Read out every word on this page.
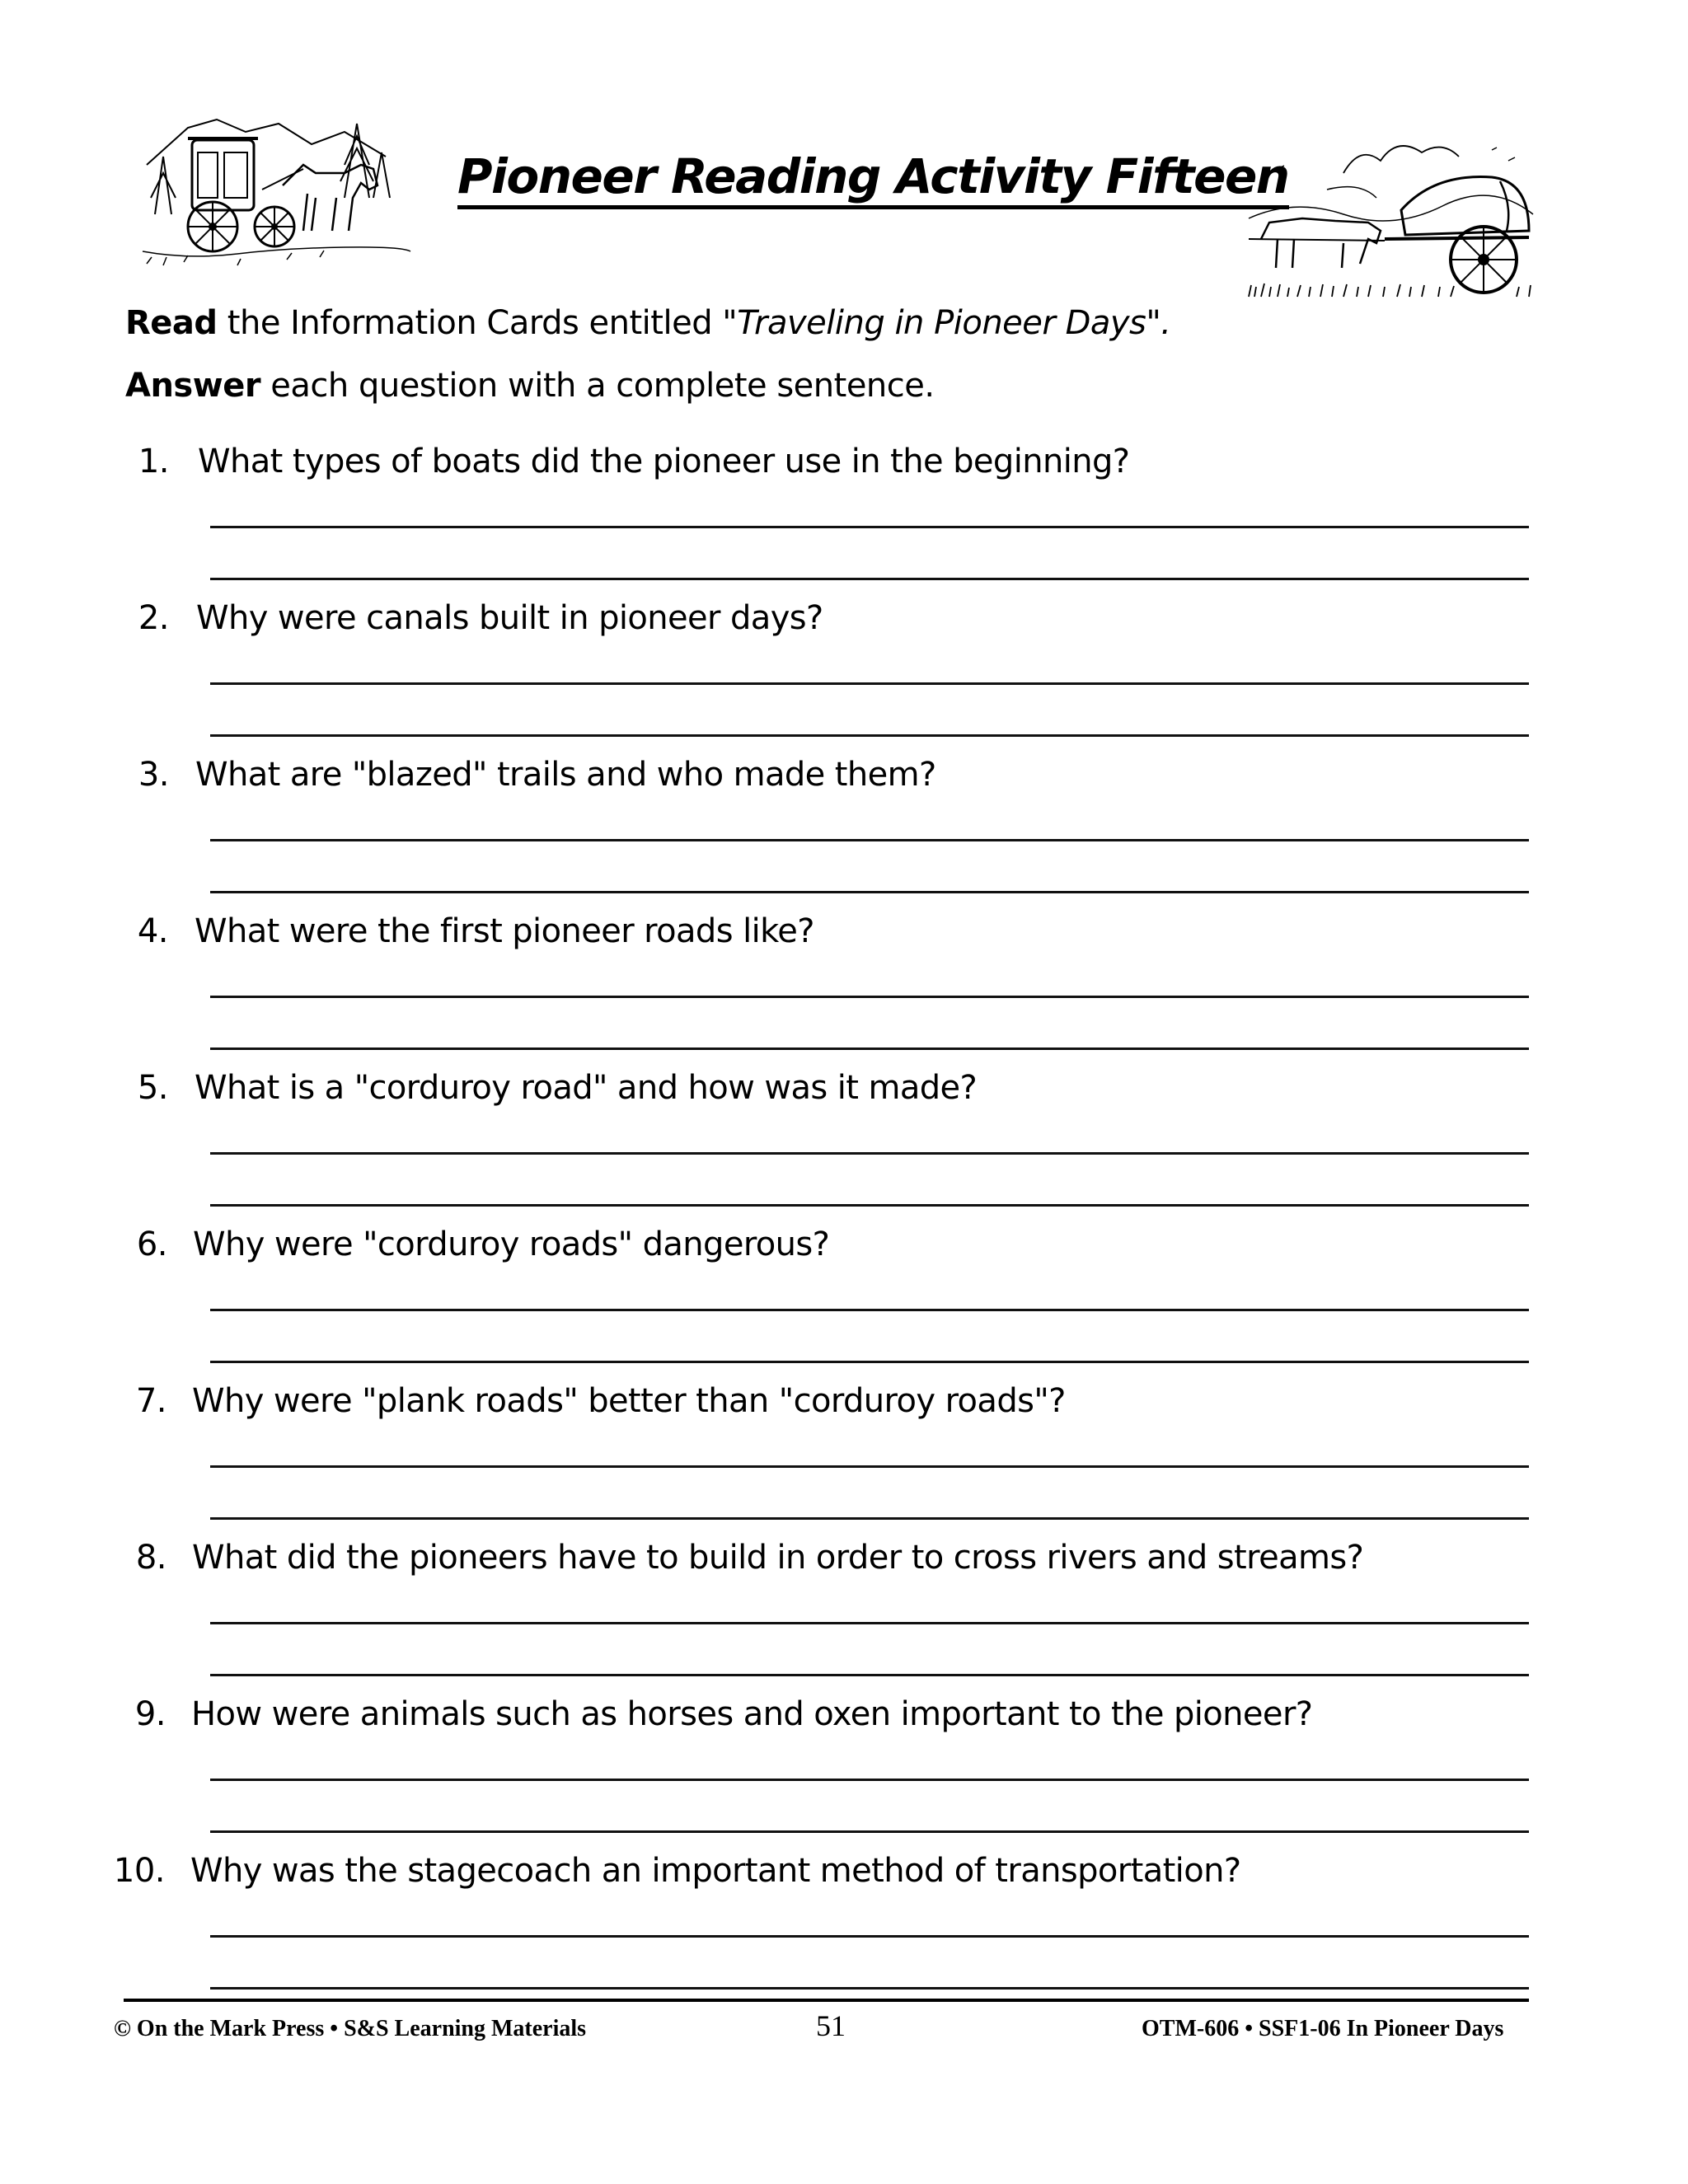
Pioneer Reading Activity Fifteen
Read the Information Cards entitled "Traveling in Pioneer Days".
Answer each question with a complete sentence.
1. What types of boats did the pioneer use in the beginning?
2. Why were canals built in pioneer days?
3. What are "blazed" trails and who made them?
4. What were the first pioneer roads like?
5. What is a "corduroy road" and how was it made?
6. Why were "corduroy roads" dangerous?
7. Why were "plank roads" better than "corduroy roads"?
8. What did the pioneers have to build in order to cross rivers and streams?
9. How were animals such as horses and oxen important to the pioneer?
10. Why was the stagecoach an important method of transportation?
© On the Mark Press • S&S Learning Materials	51	OTM-606 • SSF1-06 In Pioneer Days
